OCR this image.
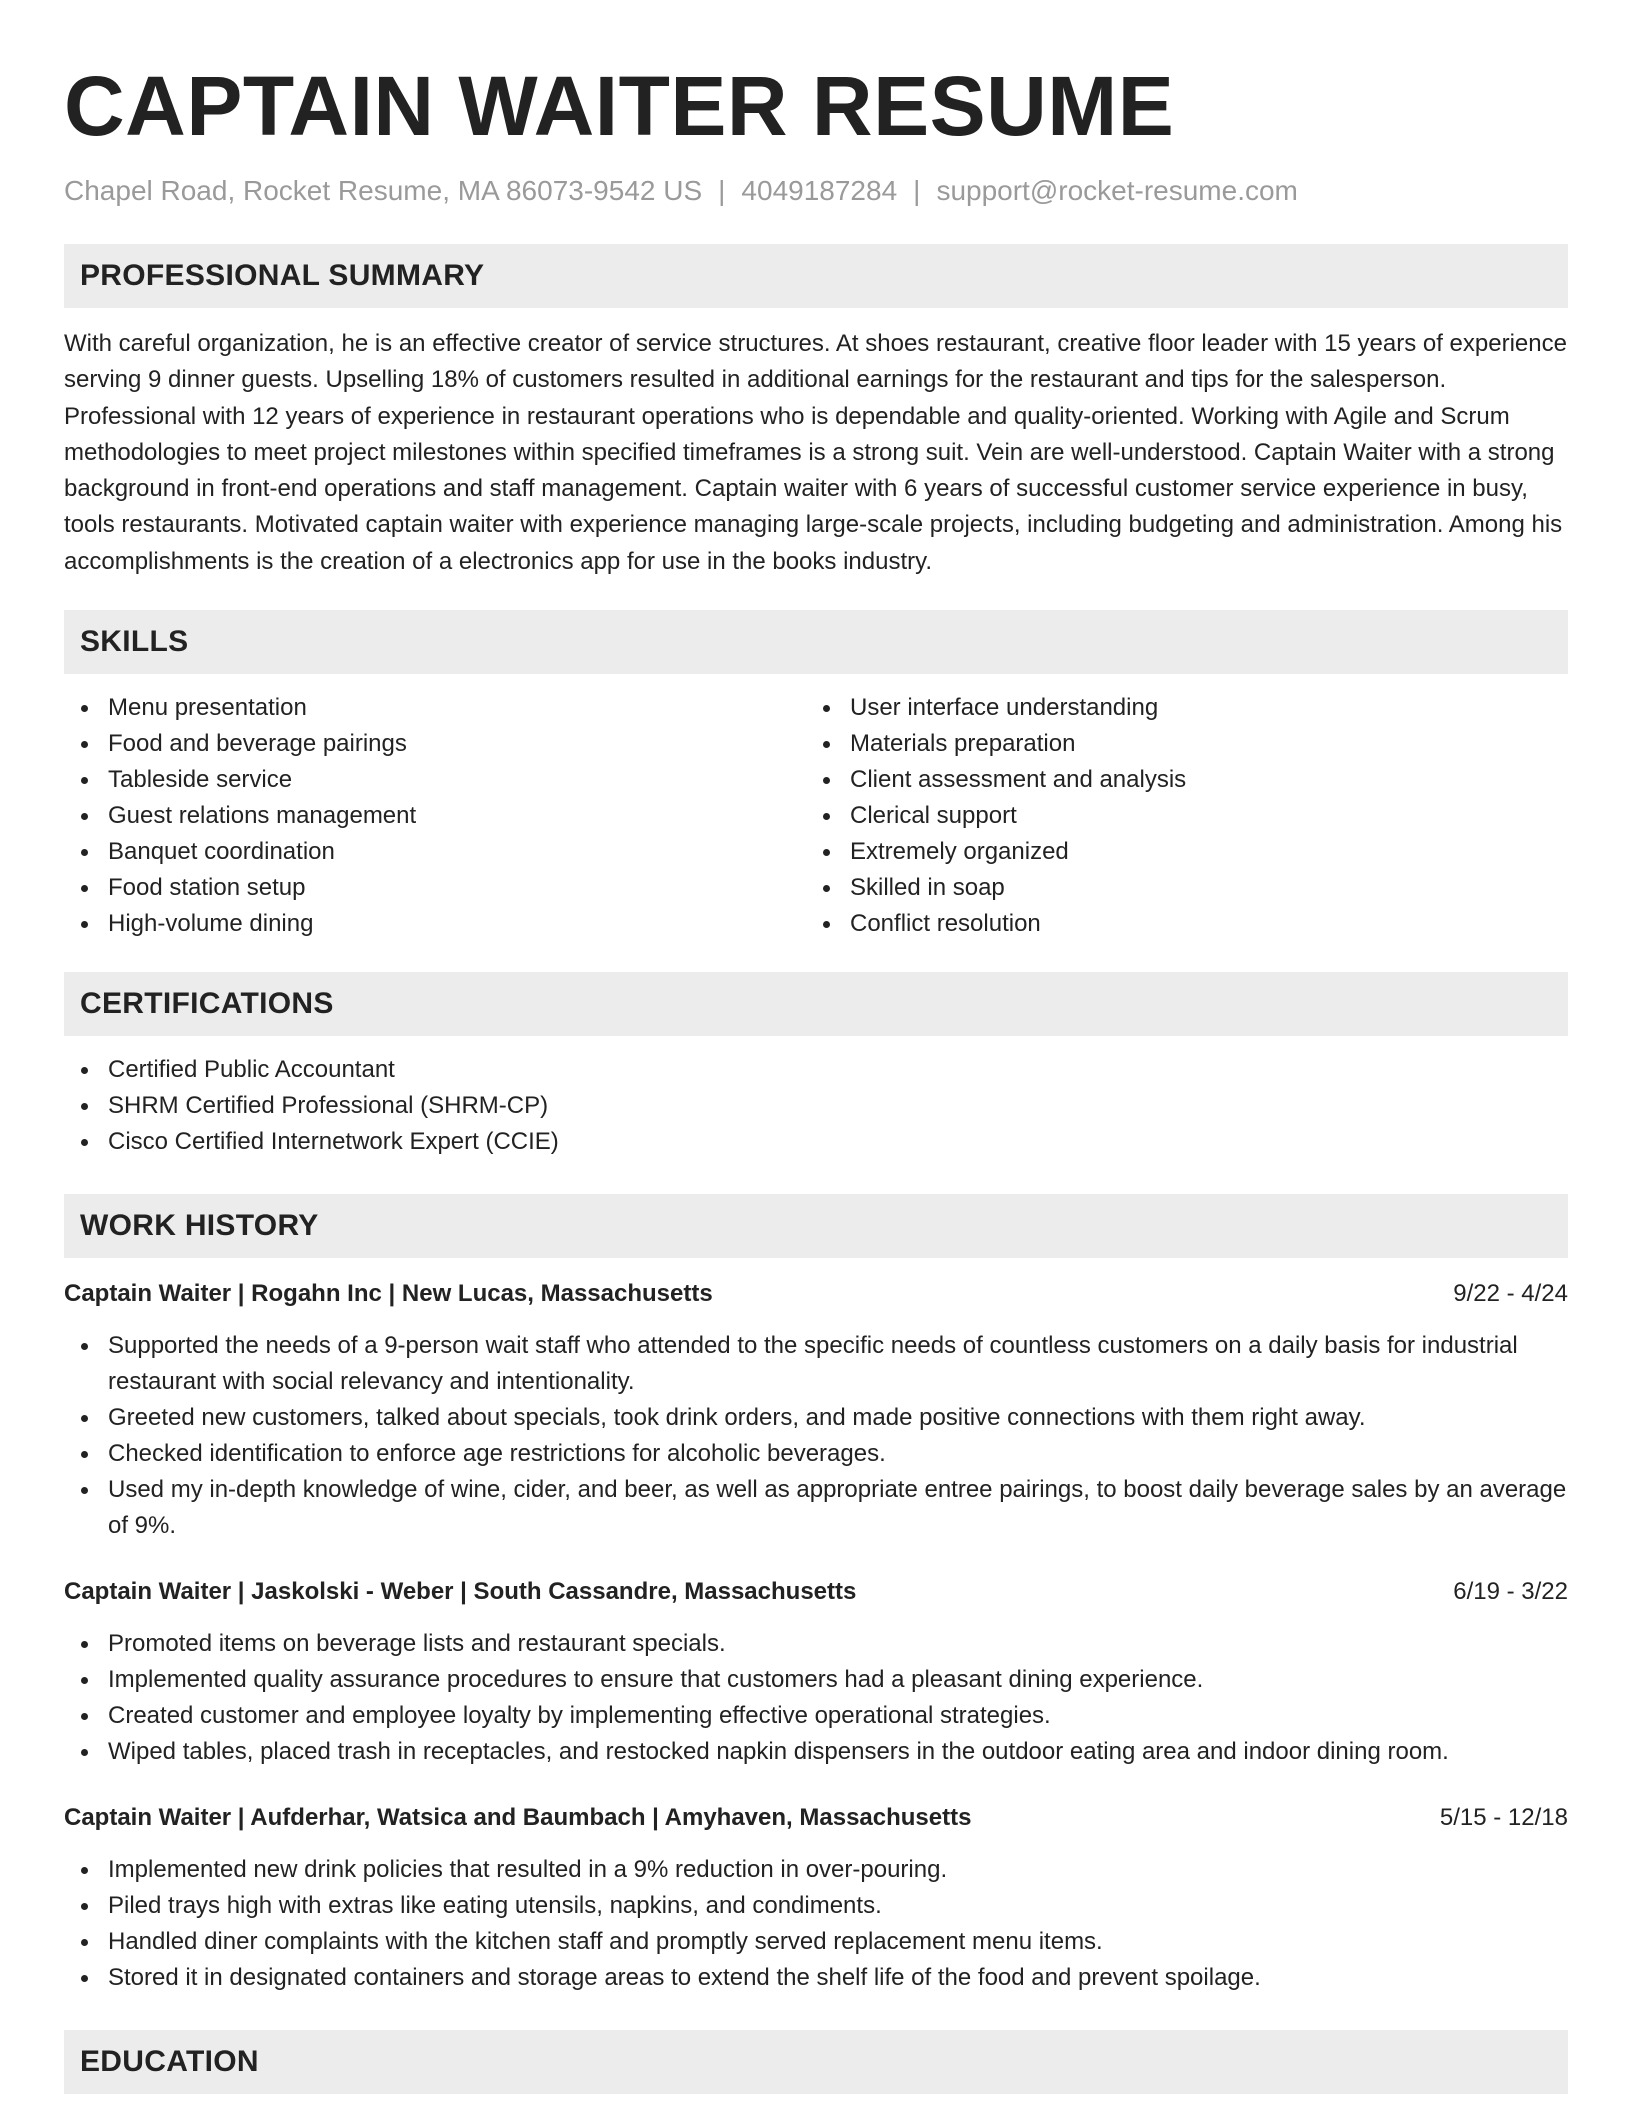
CAPTAIN WAITER RESUME
Chapel Road, Rocket Resume, MA 86073-9542 US | 4049187284 | support@rocket-resume.com
PROFESSIONAL SUMMARY

With careful organization, he is an effective creator of service structures. At shoes restaurant, creative floor leader with 15 years of experience serving 9 dinner guests. Upselling 18% of customers resulted in additional earnings for the restaurant and tips for the salesperson. Professional with 12 years of experience in restaurant operations who is dependable and quality-oriented. Working with Agile and Scrum methodologies to meet project milestones within specified timeframes is a strong suit. Vein are well-understood. Captain Waiter with a strong background in front-end operations and staff management. Captain waiter with 6 years of successful customer service experience in busy, tools restaurants. Motivated captain waiter with experience managing large-scale projects, including budgeting and administration. Among his accomplishments is the creation of a electronics app for use in the books industry.

SKILLS
Menu presentation
Food and beverage pairings
Tableside service
Guest relations management
Banquet coordination
Food station setup
High-volume dining
User interface understanding
Materials preparation
Client assessment and analysis
Clerical support
Extremely organized
Skilled in soap
Conflict resolution
CERTIFICATIONS
Certified Public Accountant
SHRM Certified Professional (SHRM-CP)
Cisco Certified Internetwork Expert (CCIE)
WORK HISTORY
Captain Waiter | Rogahn Inc | New Lucas, Massachusetts	9/22 - 4/24
Supported the needs of a 9-person wait staff who attended to the specific needs of countless customers on a daily basis for industrial restaurant with social relevancy and intentionality.
Greeted new customers, talked about specials, took drink orders, and made positive connections with them right away.
Checked identification to enforce age restrictions for alcoholic beverages.
Used my in-depth knowledge of wine, cider, and beer, as well as appropriate entree pairings, to boost daily beverage sales by an average of 9%.
Captain Waiter | Jaskolski - Weber | South Cassandre, Massachusetts	6/19 - 3/22
Promoted items on beverage lists and restaurant specials.
Implemented quality assurance procedures to ensure that customers had a pleasant dining experience.
Created customer and employee loyalty by implementing effective operational strategies.
Wiped tables, placed trash in receptacles, and restocked napkin dispensers in the outdoor eating area and indoor dining room.
Captain Waiter | Aufderhar, Watsica and Baumbach | Amyhaven, Massachusetts	5/15 - 12/18
Implemented new drink policies that resulted in a 9% reduction in over-pouring.
Piled trays high with extras like eating utensils, napkins, and condiments.
Handled diner complaints with the kitchen staff and promptly served replacement menu items.
Stored it in designated containers and storage areas to extend the shelf life of the food and prevent spoilage.
EDUCATION
